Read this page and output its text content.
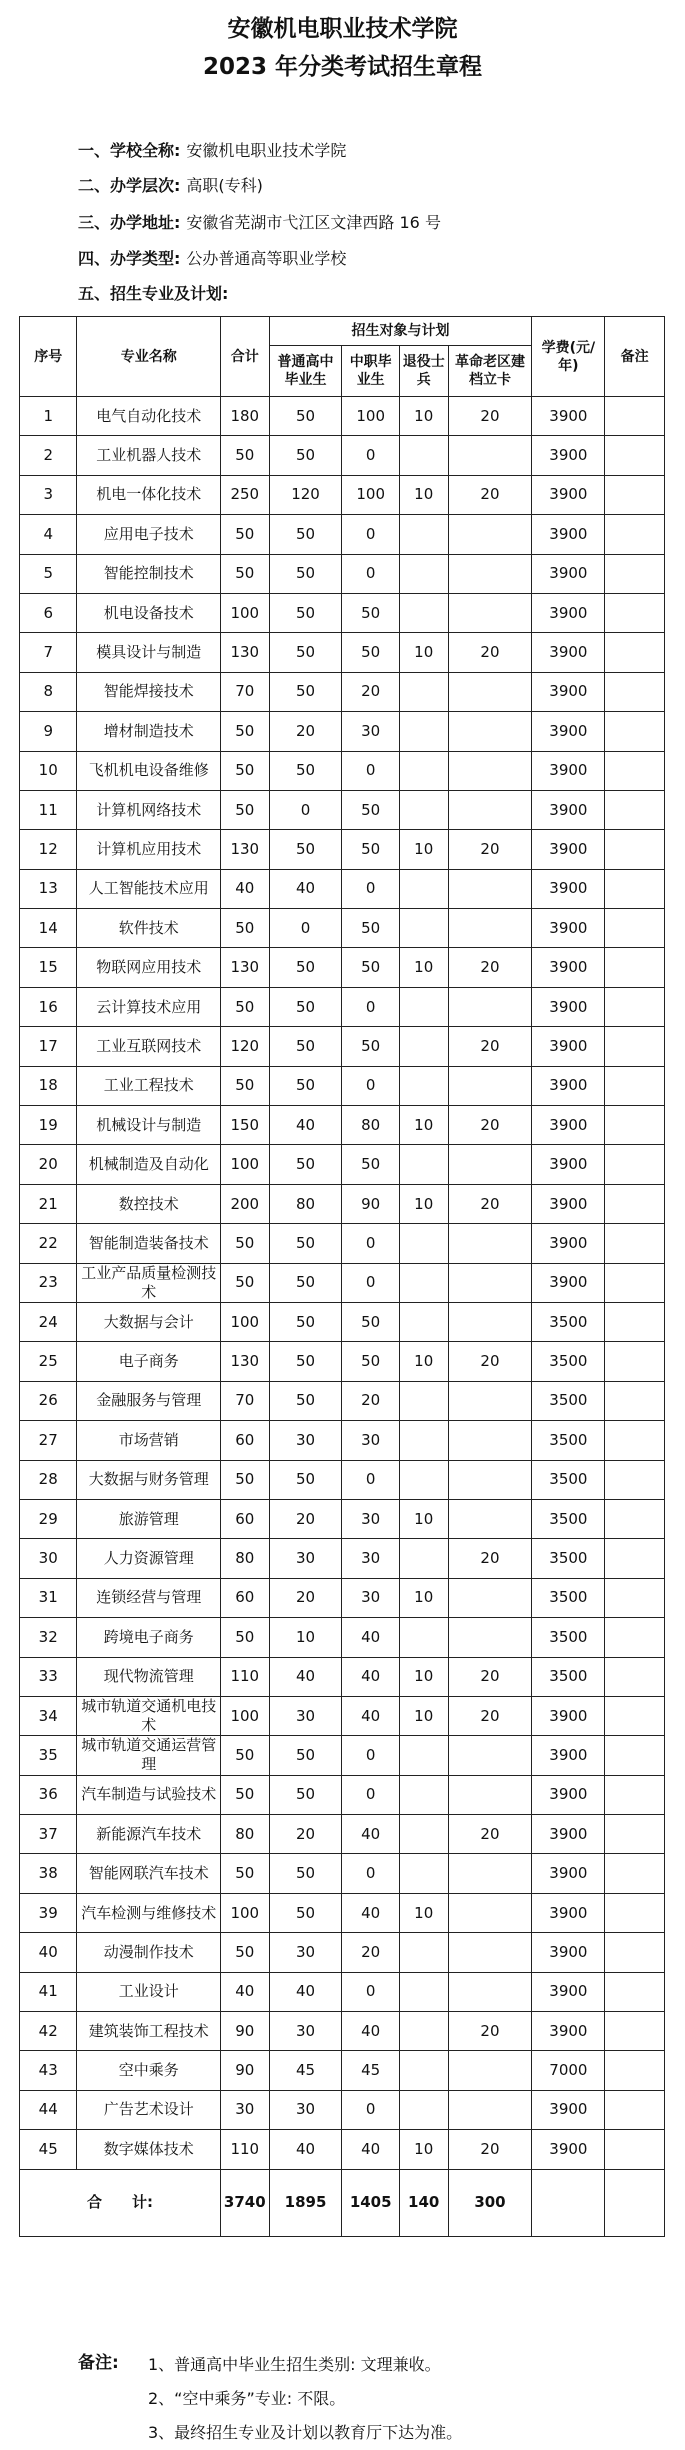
安徽机电职业技术学院
2023 年分类考试招生章程
一、学校全称: 安徽机电职业技术学院
二、办学层次: 高职(专科)
三、办学地址: 安徽省芜湖市弋江区文津西路 16 号
四、办学类型: 公办普通高等职业学校
五、招生专业及计划:
序号	专业名称	合计	招生对象与计划				学费(元/年)	备注
			普通高中毕业生	中职毕业生	退役士兵	革命老区建档立卡		
1	电气自动化技术	180	50	100	10	20	3900	
2	工业机器人技术	50	50	0			3900	
3	机电一体化技术	250	120	100	10	20	3900	
4	应用电子技术	50	50	0			3900	
5	智能控制技术	50	50	0			3900	
6	机电设备技术	100	50	50			3900	
7	模具设计与制造	130	50	50	10	20	3900	
8	智能焊接技术	70	50	20			3900	
9	增材制造技术	50	20	30			3900	
10	飞机机电设备维修	50	50	0			3900	
11	计算机网络技术	50	0	50			3900	
12	计算机应用技术	130	50	50	10	20	3900	
13	人工智能技术应用	40	40	0			3900	
14	软件技术	50	0	50			3900	
15	物联网应用技术	130	50	50	10	20	3900	
16	云计算技术应用	50	50	0			3900	
17	工业互联网技术	120	50	50		20	3900	
18	工业工程技术	50	50	0			3900	
19	机械设计与制造	150	40	80	10	20	3900	
20	机械制造及自动化	100	50	50			3900	
21	数控技术	200	80	90	10	20	3900	
22	智能制造装备技术	50	50	0			3900	
23	工业产品质量检测技术	50	50	0			3900	
24	大数据与会计	100	50	50			3500	
25	电子商务	130	50	50	10	20	3500	
26	金融服务与管理	70	50	20			3500	
27	市场营销	60	30	30			3500	
28	大数据与财务管理	50	50	0			3500	
29	旅游管理	60	20	30	10		3500	
30	人力资源管理	80	30	30		20	3500	
31	连锁经营与管理	60	20	30	10		3500	
32	跨境电子商务	50	10	40			3500	
33	现代物流管理	110	40	40	10	20	3500	
34	城市轨道交通机电技术	100	30	40	10	20	3900	
35	城市轨道交通运营管理	50	50	0			3900	
36	汽车制造与试验技术	50	50	0			3900	
37	新能源汽车技术	80	20	40		20	3900	
38	智能网联汽车技术	50	50	0			3900	
39	汽车检测与维修技术	100	50	40	10		3900	
40	动漫制作技术	50	30	20			3900	
41	工业设计	40	40	0			3900	
42	建筑装饰工程技术	90	30	40		20	3900	
43	空中乘务	90	45	45			7000	
44	广告艺术设计	30	30	0			3900	
45	数字媒体技术	110	40	40	10	20	3900	
合　　计:		3740	1895	1405	140	300		
备注: 1、普通高中毕业生招生类别: 文理兼收。
2、“空中乘务”专业: 不限。
3、最终招生专业及计划以教育厅下达为准。
